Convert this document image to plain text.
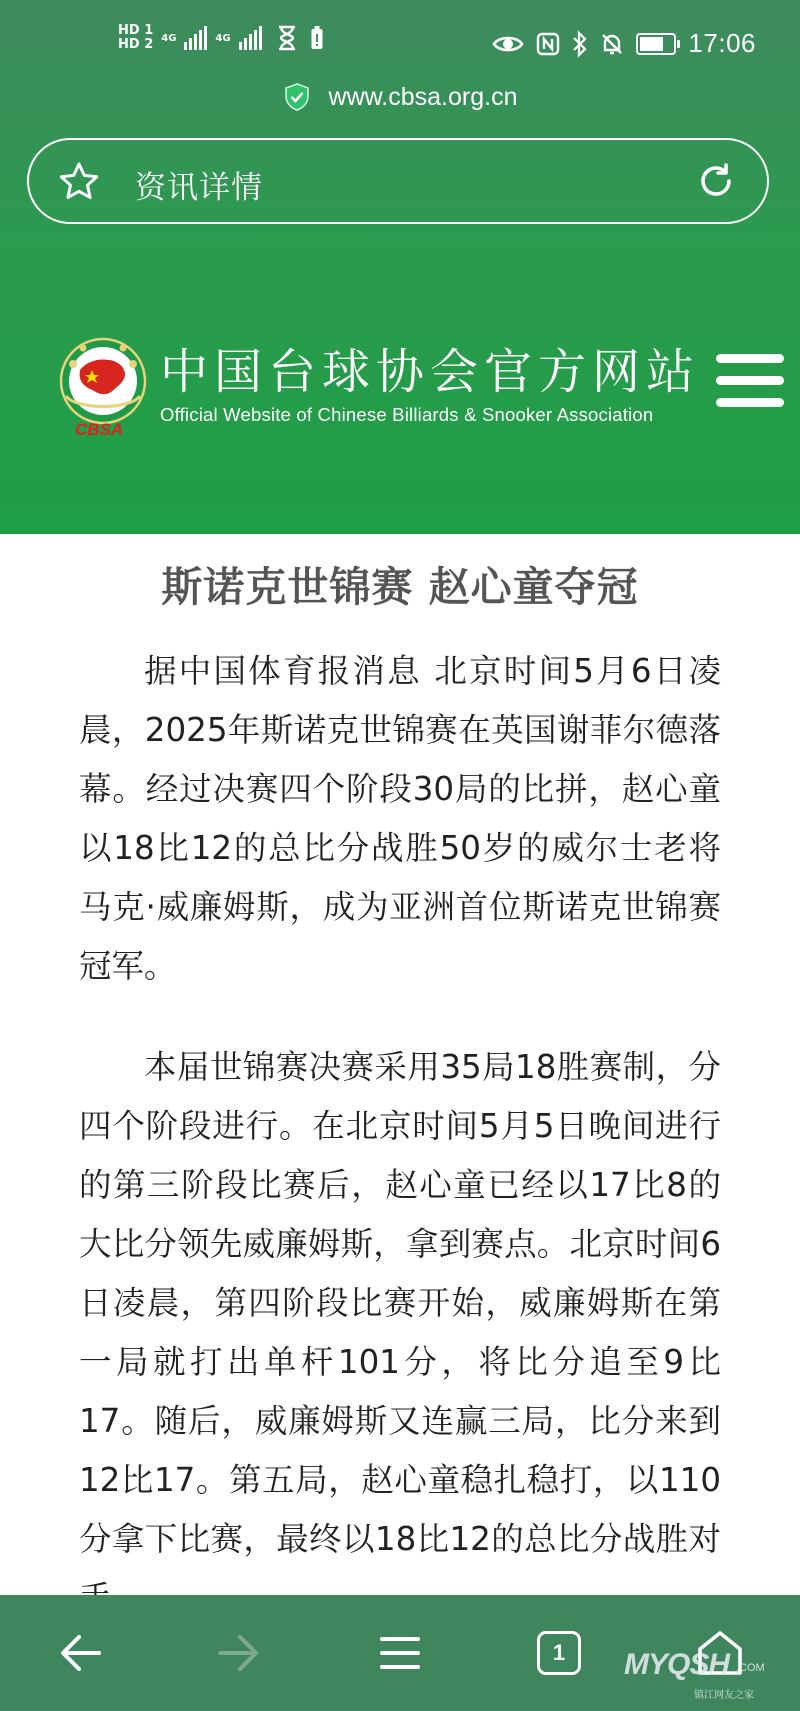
HD 1
HD 2 4G	4G	17:06
www.cbsa.org.cn
资讯详情
CBSA
中国台球协会官方网站
Official Website of Chinese Billiards & Snooker Association
斯诺克世锦赛 赵心童夺冠

据中国体育报消息 北京时间5月6日凌晨，2025年斯诺克世锦赛在英国谢菲尔德落幕。经过决赛四个阶段30局的比拼，赵心童以18比12的总比分战胜50岁的威尔士老将马克·威廉姆斯，成为亚洲首位斯诺克世锦赛冠军。

本届世锦赛决赛采用35局18胜赛制，分四个阶段进行。在北京时间5月5日晚间进行的第三阶段比赛后，赵心童已经以17比8的大比分领先威廉姆斯，拿到赛点。北京时间6日凌晨，第四阶段比赛开始，威廉姆斯在第一局就打出单杆101分，将比分追至9比17。随后，威廉姆斯又连赢三局，比分来到12比17。第五局，赵心童稳扎稳打，以110分拿下比赛，最终以18比12的总比分战胜对

1	MYQSH .COM
镇江网友之家
